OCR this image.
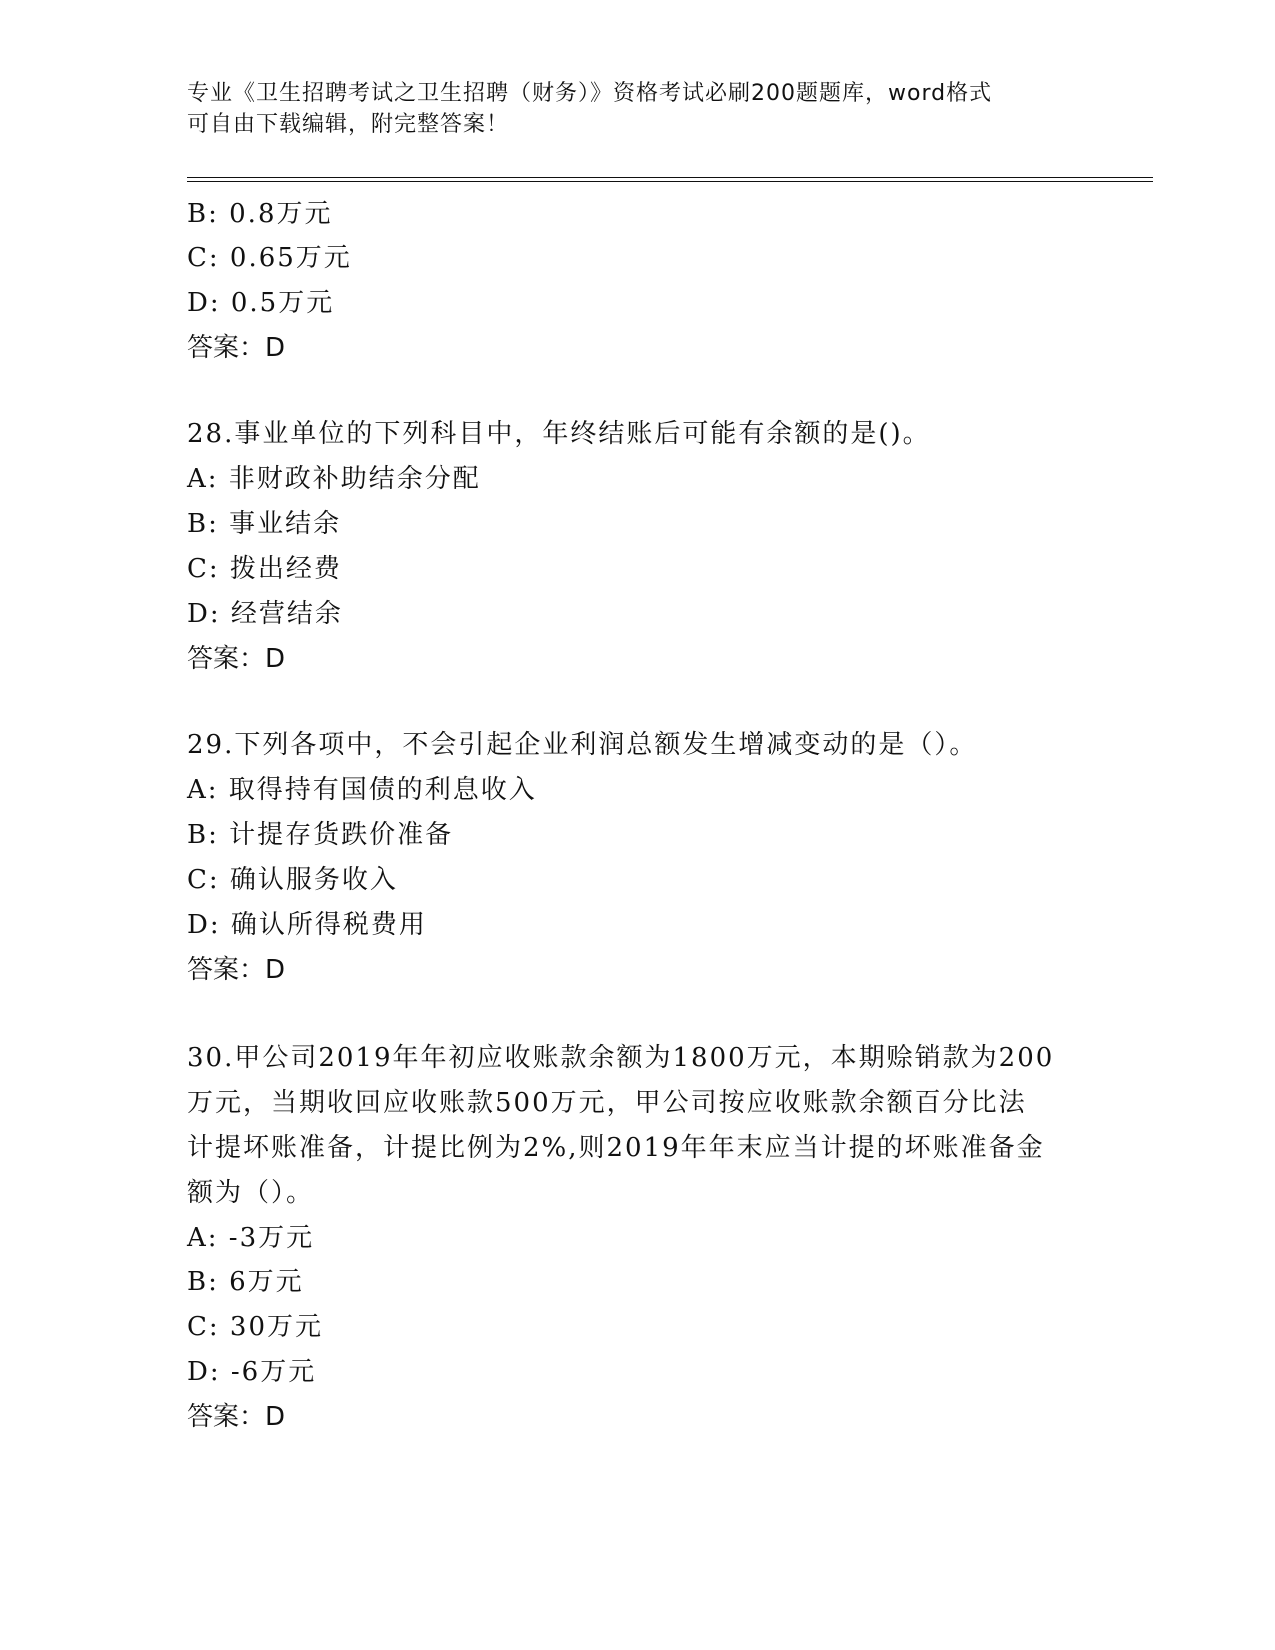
专业《卫生招聘考试之卫生招聘（财务）》资格考试必刷200题题库，word格式
可自由下载编辑，附完整答案！
B: 0.8万元
C: 0.65万元
D: 0.5万元
答案：D
28.事业单位的下列科目中，年终结账后可能有余额的是()。
A: 非财政补助结余分配
B: 事业结余
C: 拨出经费
D: 经营结余
答案：D
29.下列各项中，不会引起企业利润总额发生增减变动的是（）。
A: 取得持有国债的利息收入
B: 计提存货跌价准备
C: 确认服务收入
D: 确认所得税费用
答案：D
30.甲公司2019年年初应收账款余额为1800万元，本期赊销款为200
万元，当期收回应收账款500万元，甲公司按应收账款余额百分比法
计提坏账准备，计提比例为2%,则2019年年末应当计提的坏账准备金
额为（）。
A: -3万元
B: 6万元
C: 30万元
D: -6万元
答案：D
